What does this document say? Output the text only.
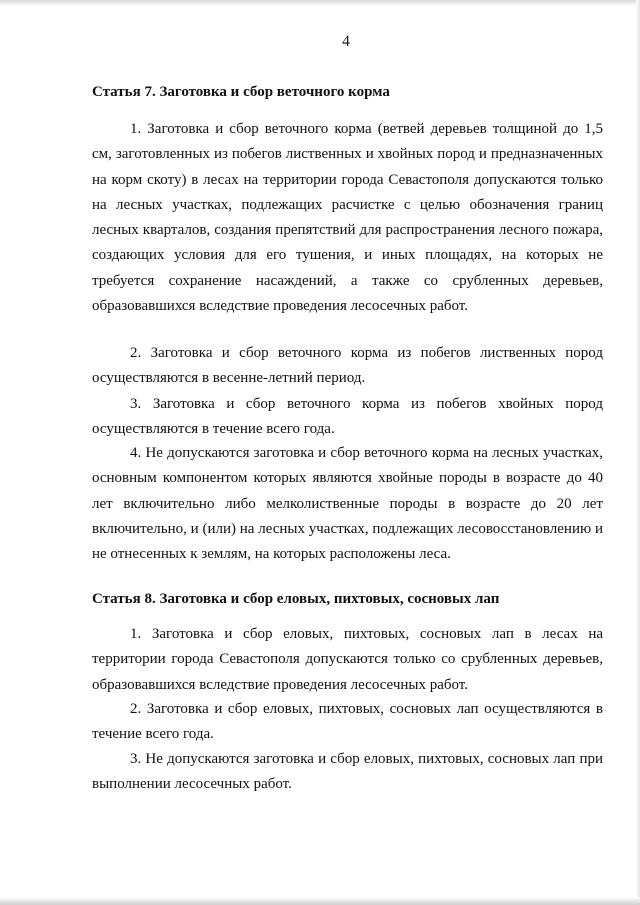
4
Статья 7. Заготовка и сбор веточного корма

1. Заготовка и сбор веточного корма (ветвей деревьев толщиной до 1,5 см, заготовленных из побегов лиственных и хвойных пород и предназначенных на корм скоту) в лесах на территории города Севастополя допускаются только на лесных участках, подлежащих расчистке с целью обозначения границ лесных кварталов, создания препятствий для распространения лесного пожара, создающих условия для его тушения, и иных площадях, на которых не требуется сохранение насаждений, а также со срубленных деревьев, образовавшихся вследствие проведения лесосечных работ.

2. Заготовка и сбор веточного корма из побегов лиственных пород осуществляются в весенне-летний период.

3. Заготовка и сбор веточного корма из побегов хвойных пород осуществляются в течение всего года.

4. Не допускаются заготовка и сбор веточного корма на лесных участках, основным компонентом которых являются хвойные породы в возрасте до 40 лет включительно либо мелколиственные породы в возрасте до 20 лет включительно, и (или) на лесных участках, подлежащих лесовосстановлению и не отнесенных к землям, на которых расположены леса.

Статья 8. Заготовка и сбор еловых, пихтовых, сосновых лап

1. Заготовка и сбор еловых, пихтовых, сосновых лап в лесах на территории города Севастополя допускаются только со срубленных деревьев, образовавшихся вследствие проведения лесосечных работ.

2. Заготовка и сбор еловых, пихтовых, сосновых лап осуществляются в течение всего года.

3. Не допускаются заготовка и сбор еловых, пихтовых, сосновых лап при выполнении лесосечных работ.
